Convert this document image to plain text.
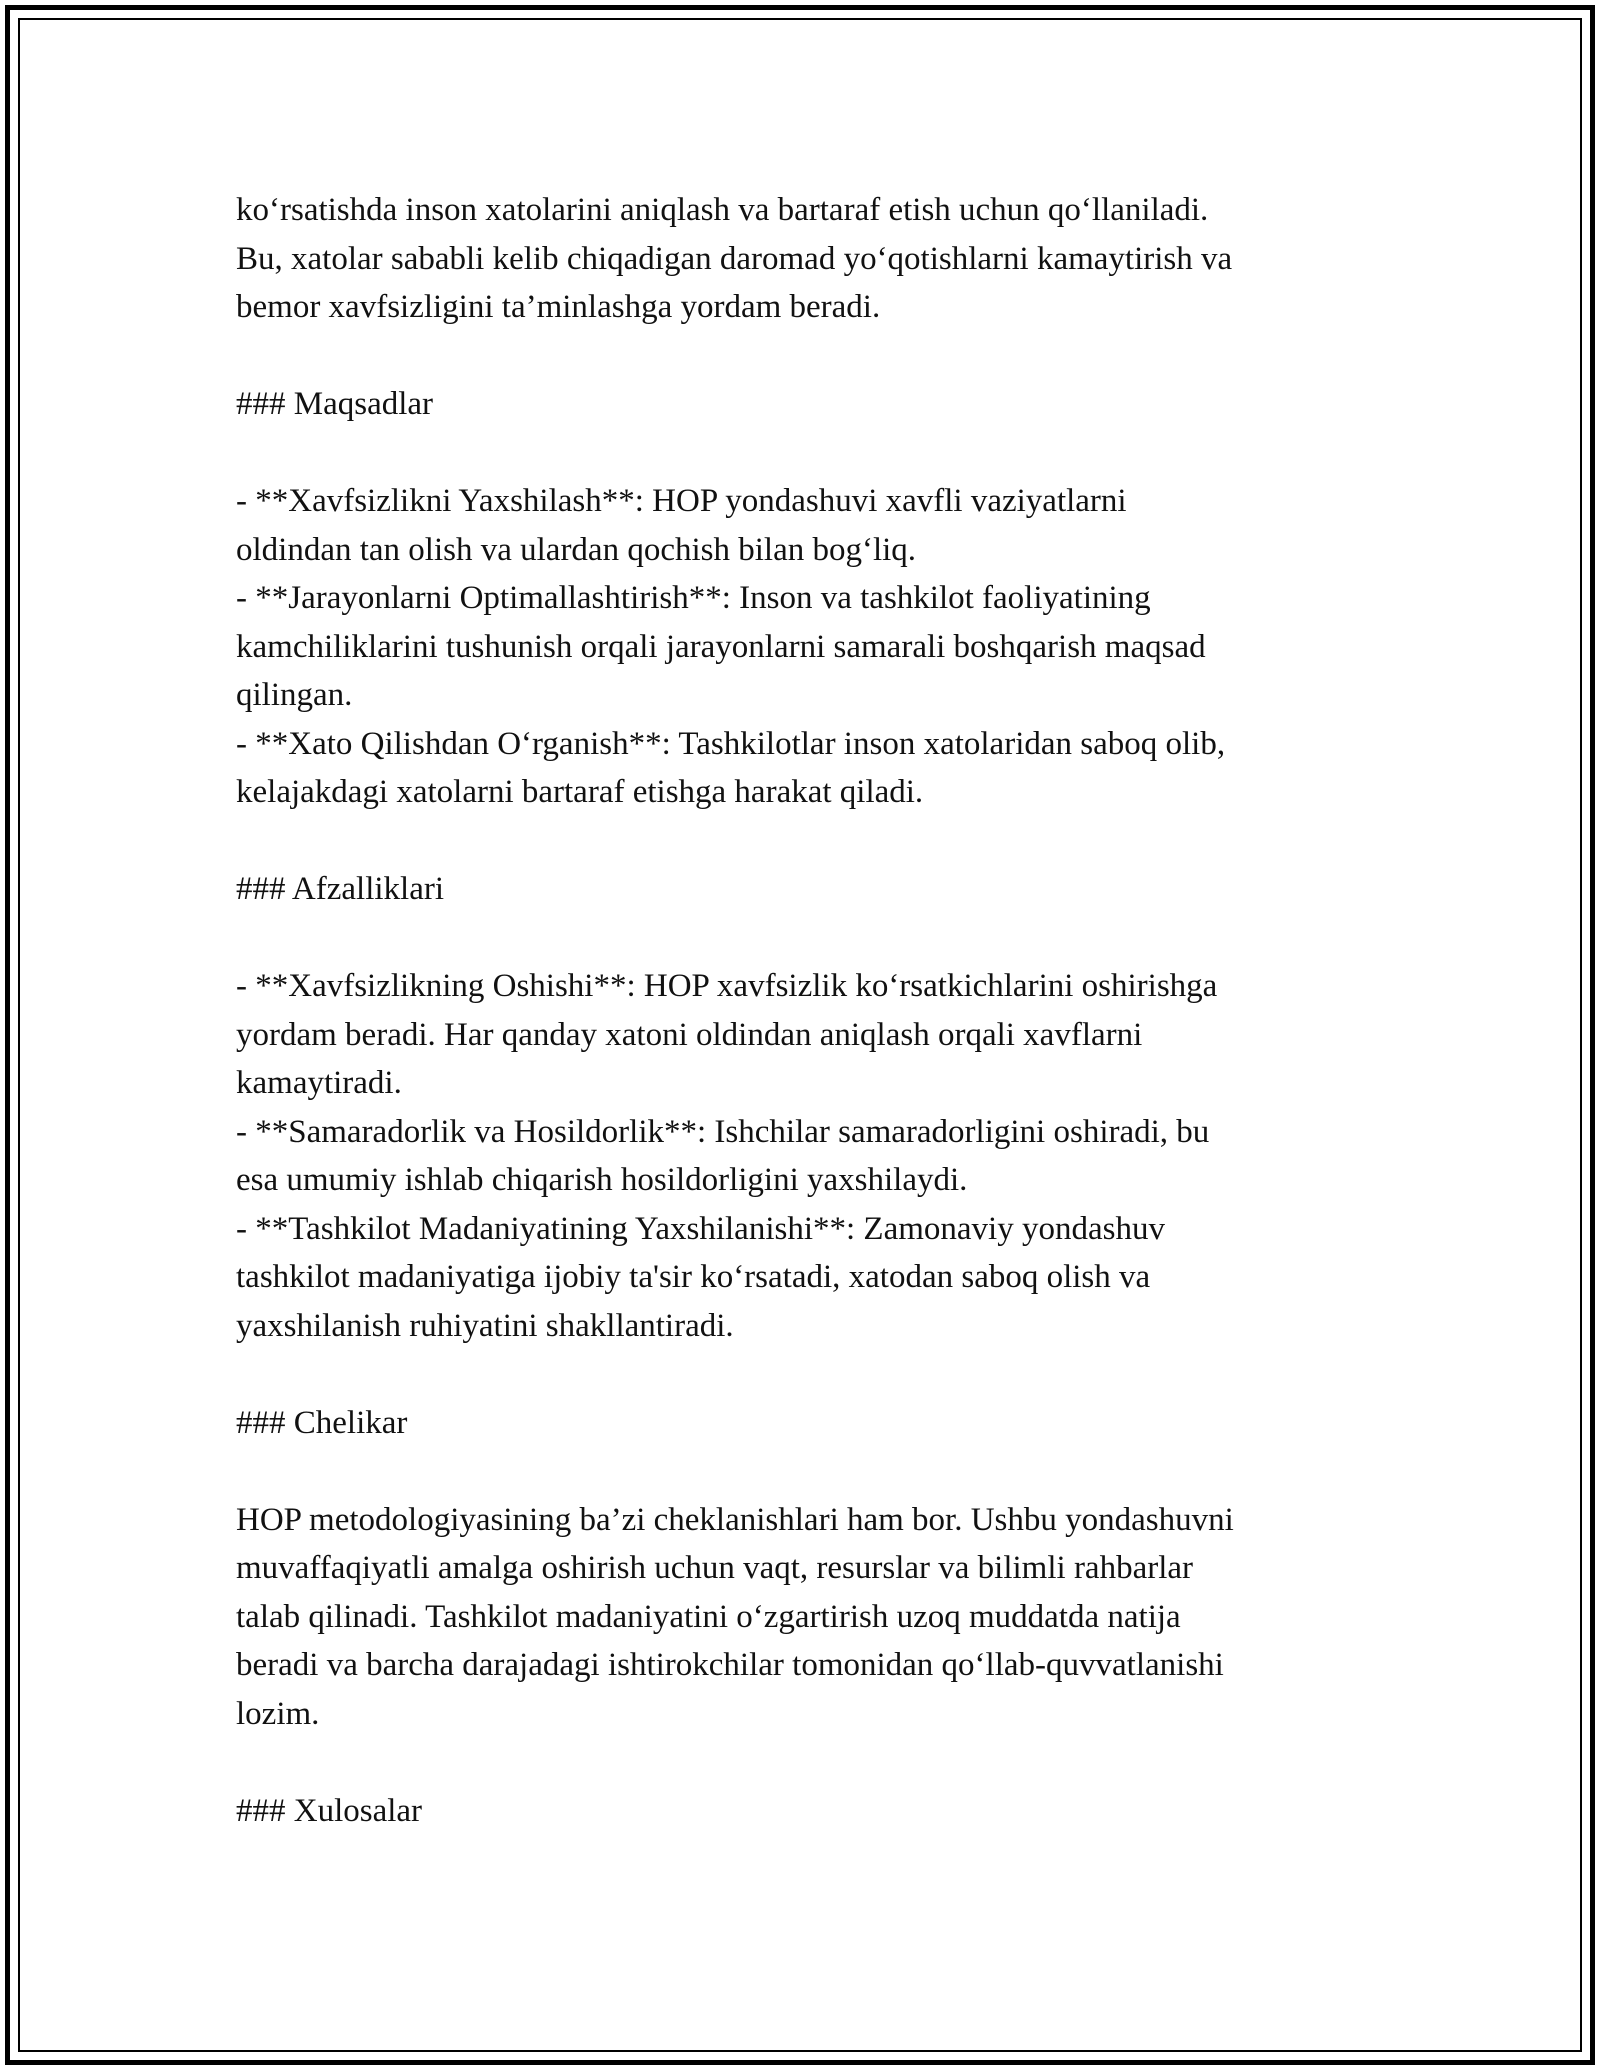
ko‘rsatishda inson xatolarini aniqlash va bartaraf etish uchun qo‘llaniladi.

Bu, xatolar sababli kelib chiqadigan daromad yo‘qotishlarni kamaytirish va

bemor xavfsizligini ta’minlashga yordam beradi.

### Maqsadlar

- **Xavfsizlikni Yaxshilash**: HOP yondashuvi xavfli vaziyatlarni

oldindan tan olish va ulardan qochish bilan bog‘liq.

- **Jarayonlarni Optimallashtirish**: Inson va tashkilot faoliyatining

kamchiliklarini tushunish orqali jarayonlarni samarali boshqarish maqsad

qilingan.

- **Xato Qilishdan O‘rganish**: Tashkilotlar inson xatolaridan saboq olib,

kelajakdagi xatolarni bartaraf etishga harakat qiladi.

### Afzalliklari

- **Xavfsizlikning Oshishi**: HOP xavfsizlik ko‘rsatkichlarini oshirishga

yordam beradi. Har qanday xatoni oldindan aniqlash orqali xavflarni

kamaytiradi.

- **Samaradorlik va Hosildorlik**: Ishchilar samaradorligini oshiradi, bu

esa umumiy ishlab chiqarish hosildorligini yaxshilaydi.

- **Tashkilot Madaniyatining Yaxshilanishi**: Zamonaviy yondashuv

tashkilot madaniyatiga ijobiy ta'sir ko‘rsatadi, xatodan saboq olish va

yaxshilanish ruhiyatini shakllantiradi.

### Chelikar

HOP metodologiyasining ba’zi cheklanishlari ham bor. Ushbu yondashuvni

muvaffaqiyatli amalga oshirish uchun vaqt, resurslar va bilimli rahbarlar

talab qilinadi. Tashkilot madaniyatini o‘zgartirish uzoq muddatda natija

beradi va barcha darajadagi ishtirokchilar tomonidan qo‘llab-quvvatlanishi

lozim.

### Xulosalar
